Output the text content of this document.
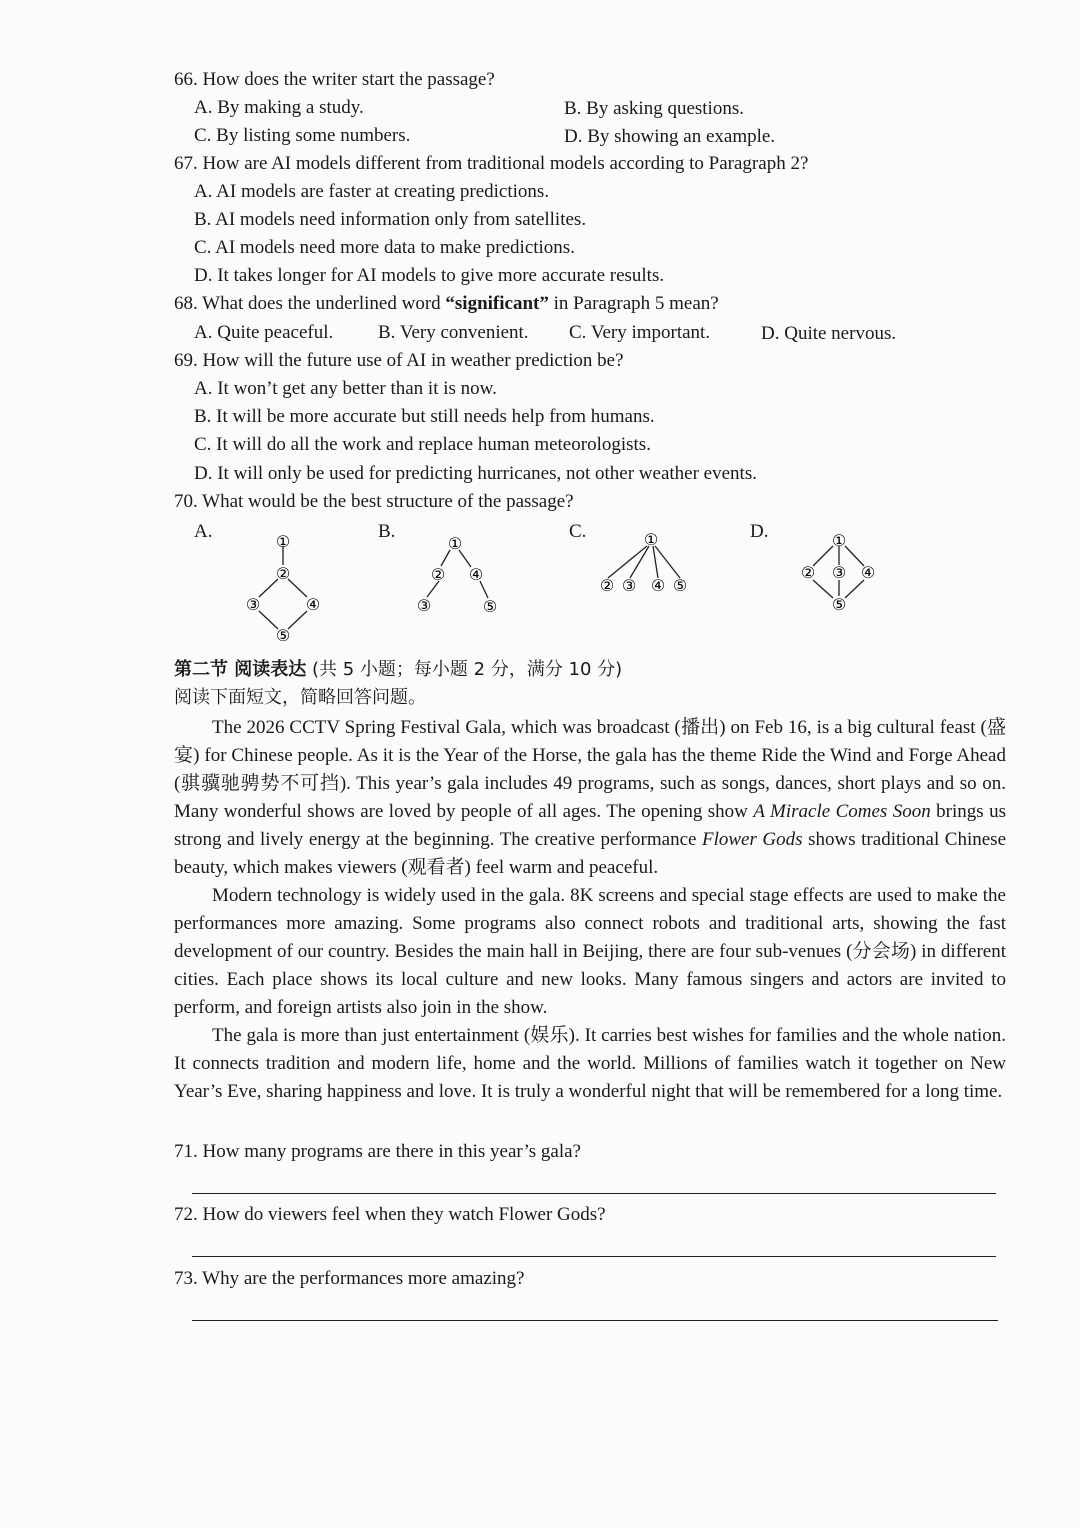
66. How does the writer start the passage?
A. By making a study.	B. By asking questions.
C. By listing some numbers.	D. By showing an example.
67. How are AI models different from traditional models according to Paragraph 2?
A. AI models are faster at creating predictions.
B. AI models need information only from satellites.
C. AI models need more data to make predictions.
D. It takes longer for AI models to give more accurate results.
68. What does the underlined word “significant” in Paragraph 5 mean?
A. Quite peaceful. B. Very convenient. C. Very important.	D. Quite nervous.
69. How will the future use of AI in weather prediction be?
A. It won’t get any better than it is now.
B. It will be more accurate but still needs help from humans.
C. It will do all the work and replace human meteorologists.
D. It will only be used for predicting hurricanes, not other weather events.
70. What would be the best structure of the passage?
A.	B.	C.	D.
①
②
③	④
⑤
①
② ④
③	⑤
①
② ③ ④ ⑤
①
② ③ ④
⑤
第二节 阅读表达 (共 5 小题；每小题 2 分，满分 10 分)
阅读下面短文，简略回答问题。
The 2026 CCTV Spring Festival Gala, which was broadcast (播出) on Feb 16, is a big cultural feast (盛宴) for Chinese people. As it is the Year of the Horse, the gala has the theme Ride the Wind and Forge Ahead (骐骥驰骋势不可挡). This year’s gala includes 49 programs, such as songs, dances, short plays and so on. Many wonderful shows are loved by people of all ages. The opening show A Miracle Comes Soon brings us strong and lively energy at the beginning. The creative performance Flower Gods shows traditional Chinese beauty, which makes viewers (观看者) feel warm and peaceful.
Modern technology is widely used in the gala. 8K screens and special stage effects are used to make the performances more amazing. Some programs also connect robots and traditional arts, showing the fast development of our country. Besides the main hall in Beijing, there are four sub-venues (分会场) in different cities. Each place shows its local culture and new looks. Many famous singers and actors are invited to perform, and foreign artists also join in the show.
The gala is more than just entertainment (娱乐). It carries best wishes for families and the whole nation. It connects tradition and modern life, home and the world. Millions of families watch it together on New Year’s Eve, sharing happiness and love. It is truly a wonderful night that will be remembered for a long time.
71. How many programs are there in this year’s gala?
72. How do viewers feel when they watch Flower Gods?
73. Why are the performances more amazing?
